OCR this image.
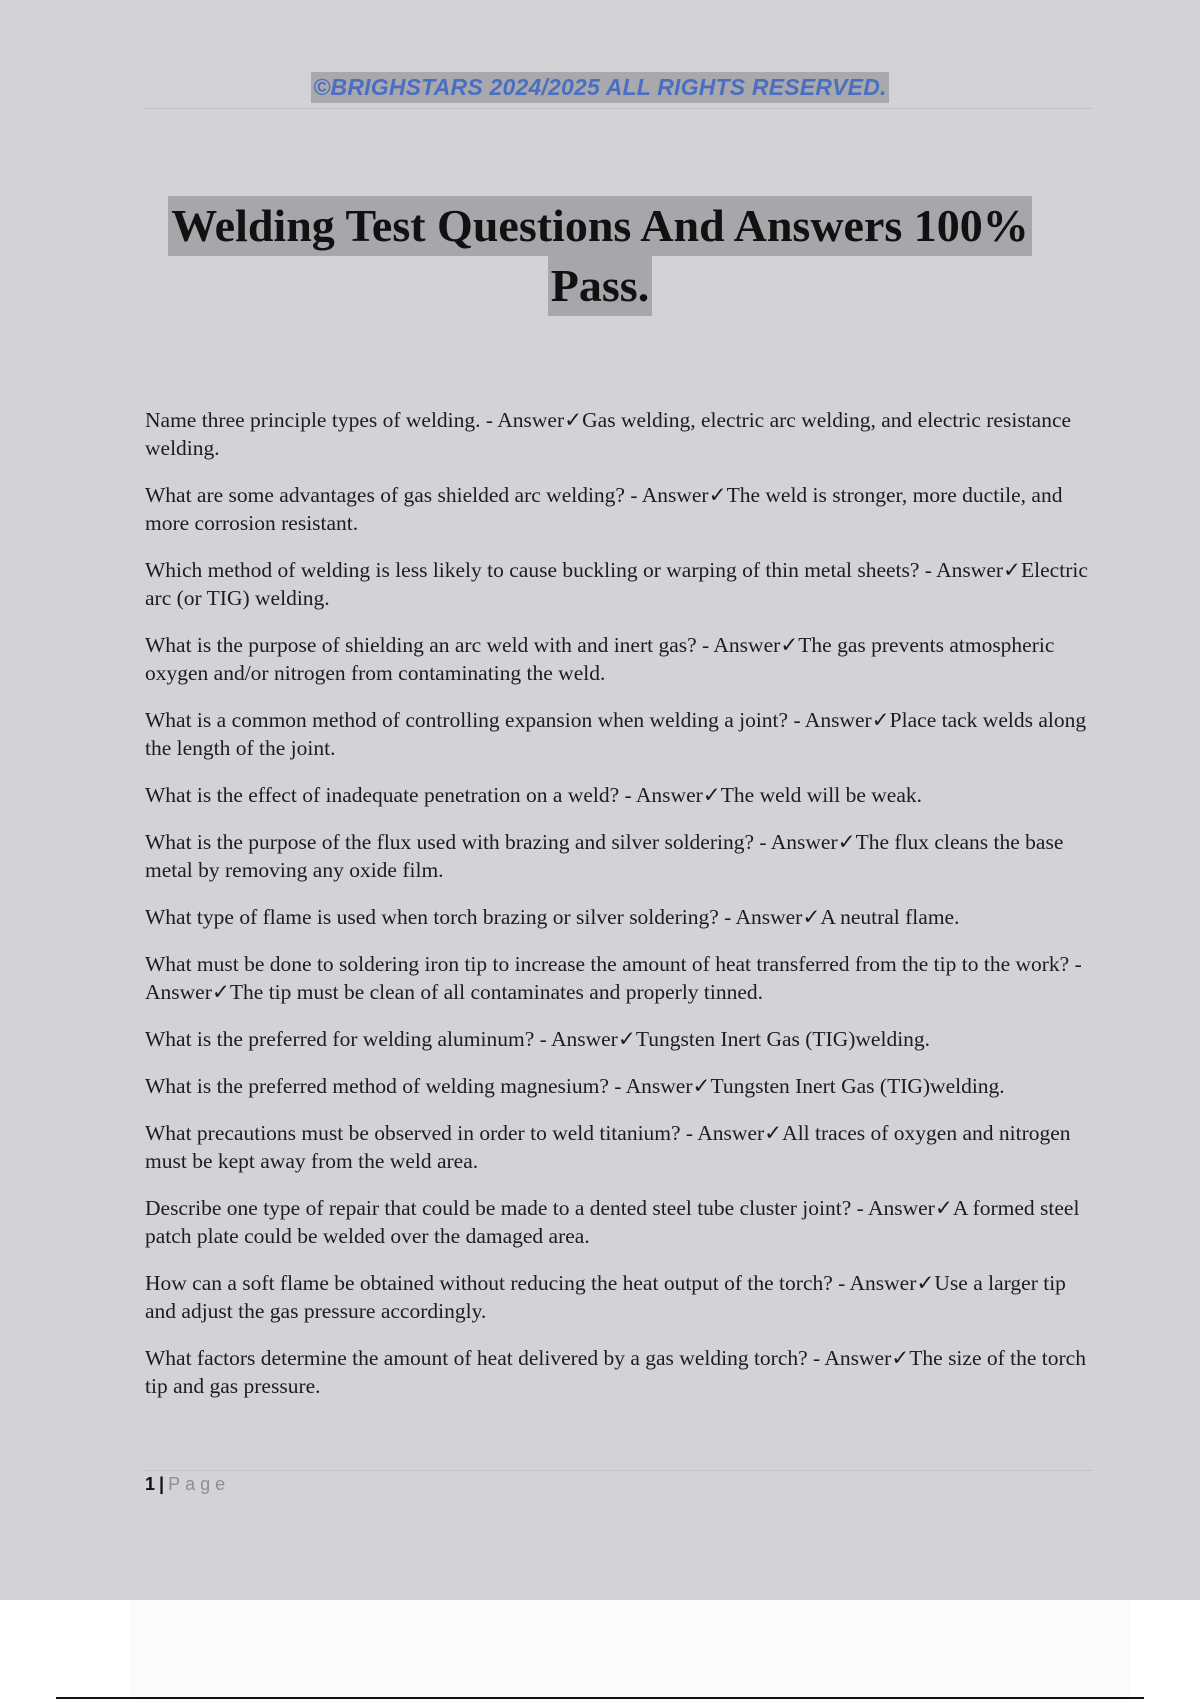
©BRIGHSTARS 2024/2025 ALL RIGHTS RESERVED.
Welding Test Questions And Answers 100%
Pass.

Name three principle types of welding. - Answer✓Gas welding, electric arc welding, and electric resistance welding.

What are some advantages of gas shielded arc welding? - Answer✓The weld is stronger, more ductile, and more corrosion resistant.

Which method of welding is less likely to cause buckling or warping of thin metal sheets? - Answer✓Electric arc (or TIG) welding.

What is the purpose of shielding an arc weld with and inert gas? - Answer✓The gas prevents atmospheric oxygen and/or nitrogen from contaminating the weld.

What is a common method of controlling expansion when welding a joint? - Answer✓Place tack welds along the length of the joint.

What is the effect of inadequate penetration on a weld? - Answer✓The weld will be weak.

What is the purpose of the flux used with brazing and silver soldering? - Answer✓The flux cleans the base metal by removing any oxide film.

What type of flame is used when torch brazing or silver soldering? - Answer✓A neutral flame.

What must be done to soldering iron tip to increase the amount of heat transferred from the tip to the work? - Answer✓The tip must be clean of all contaminates and properly tinned.

What is the preferred for welding aluminum? - Answer✓Tungsten Inert Gas (TIG)welding.

What is the preferred method of welding magnesium? - Answer✓Tungsten Inert Gas (TIG)welding.

What precautions must be observed in order to weld titanium? - Answer✓All traces of oxygen and nitrogen must be kept away from the weld area.

Describe one type of repair that could be made to a dented steel tube cluster joint? - Answer✓A formed steel patch plate could be welded over the damaged area.

How can a soft flame be obtained without reducing the heat output of the torch? - Answer✓Use a larger tip and adjust the gas pressure accordingly.

What factors determine the amount of heat delivered by a gas welding torch? - Answer✓The size of the torch tip and gas pressure.

1 | Page
